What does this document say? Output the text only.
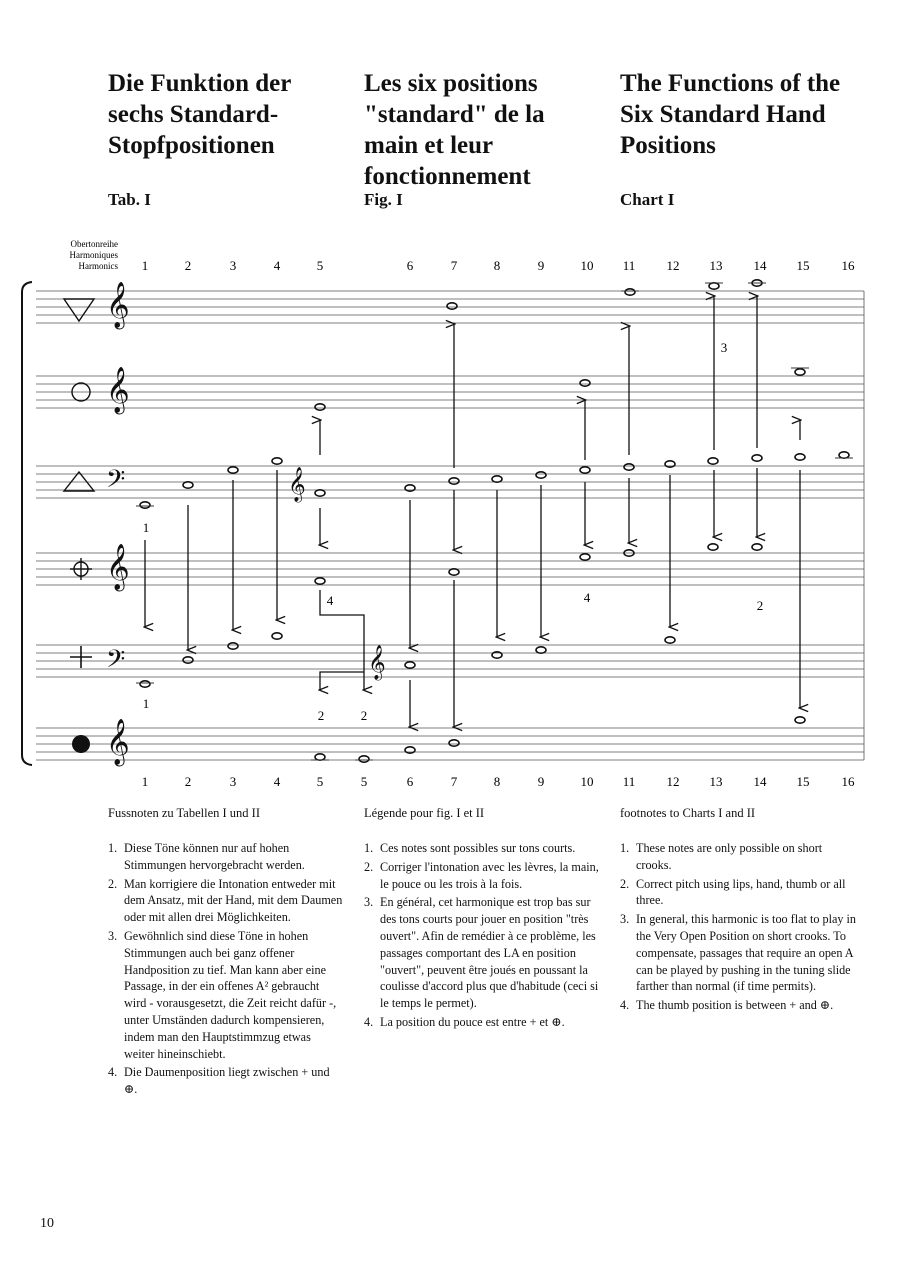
Die Funktion der

sechs Standard-

Stopfpositionen

Les six positions

"standard" de la

main et leur

fonctionnement

The Functions of the

Six Standard Hand

Positions

Tab. I	Fig. I	Chart I
Obertonreihe
Harmoniques
Harmonics 1	2	3	4	5	6	7	8	9	10 11 12 13 14 15 16
𝄞
𝄞
𝄢
𝄞
𝄢
𝄞
𝄞
𝄞
1
1
3
4	4
2
2	2
1	2	3	4	5	5	6	7	8	9	10 11 12 13 14 15 16
Fussnoten zu Tabellen I und II	Légende pour fig. I et II	footnotes to Charts I and II
1. Diese Töne können nur auf hohen Stimmungen hervorgebracht werden.
2. Man korrigiere die Intonation entweder mit dem Ansatz, mit der Hand, mit dem Daumen oder mit allen drei Möglichkeiten.
3. Gewöhnlich sind diese Töne in hohen Stimmungen auch bei ganz offener Handposition zu tief. Man kann aber eine Passage, in der ein offenes A² gebraucht wird - vorausgesetzt, die Zeit reicht dafür -, unter Umständen dadurch kompensieren, indem man den Hauptstimmzug etwas weiter hineinschiebt.
4. Die Daumenposition liegt zwischen + und ⊕.
1. Ces notes sont possibles sur tons courts.
2. Corriger l'intonation avec les lèvres, la main, le pouce ou les trois à la fois.
3. En général, cet harmonique est trop bas sur des tons courts pour jouer en position "très ouvert". Afin de remédier à ce problème, les passages comportant des LA en position "ouvert", peuvent être joués en poussant la coulisse d'accord plus que d'habitude (ceci si le temps le permet).
4. La position du pouce est entre + et ⊕.
1. These notes are only possible on short crooks.
2. Correct pitch using lips, hand, thumb or all three.
3. In general, this harmonic is too flat to play in the Very Open Position on short crooks. To compensate, passages that require an open A can be played by pushing in the tuning slide farther than normal (if time permits).
4. The thumb position is between + and ⊕.
10
